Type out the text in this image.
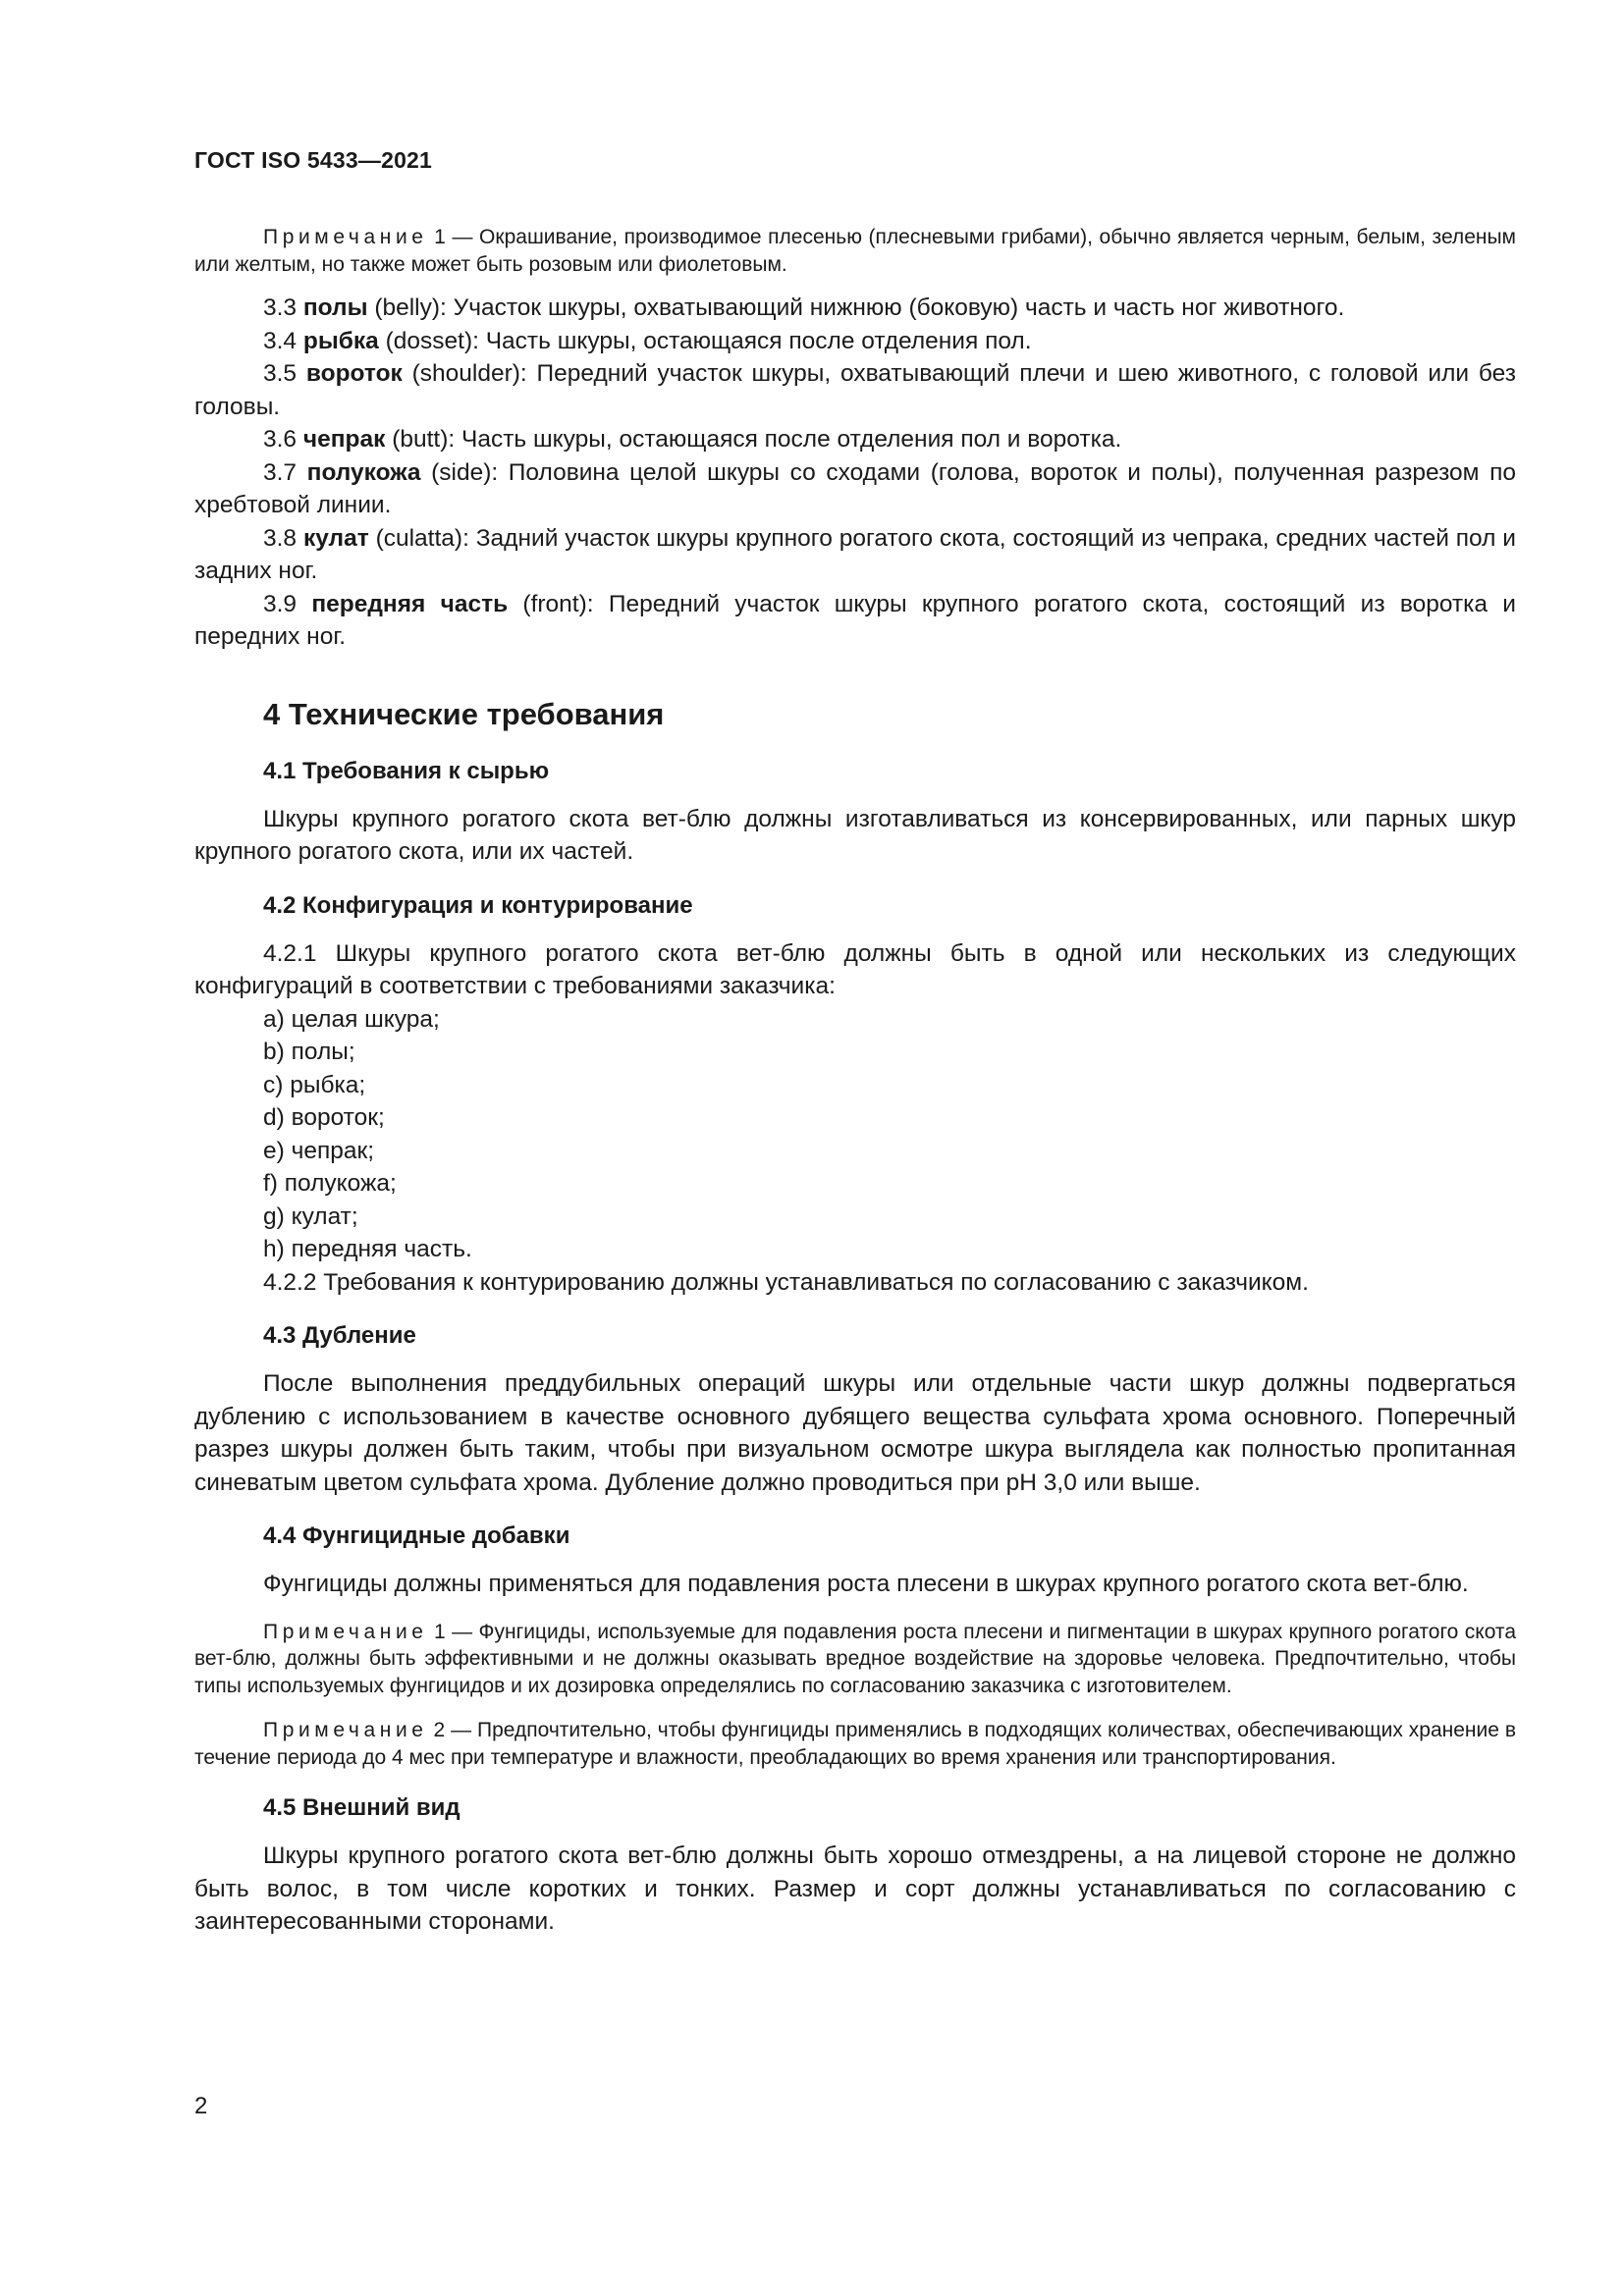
ГОСТ ISO 5433—2021

Примечание 1 — Окрашивание, производимое плесенью (плесневыми грибами), обычно является черным, белым, зеленым или желтым, но также может быть розовым или фиолетовым.

3.3 полы (belly): Участок шкуры, охватывающий нижнюю (боковую) часть и часть ног животного.

3.4 рыбка (dosset): Часть шкуры, остающаяся после отделения пол.

3.5 вороток (shoulder): Передний участок шкуры, охватывающий плечи и шею животного, с головой или без головы.

3.6 чепрак (butt): Часть шкуры, остающаяся после отделения пол и воротка.

3.7 полукожа (side): Половина целой шкуры со сходами (голова, вороток и полы), полученная разрезом по хребтовой линии.

3.8 кулат (culatta): Задний участок шкуры крупного рогатого скота, состоящий из чепрака, средних частей пол и задних ног.

3.9 передняя часть (front): Передний участок шкуры крупного рогатого скота, состоящий из воротка и передних ног.

4 Технические требования
4.1 Требования к сырью

Шкуры крупного рогатого скота вет-блю должны изготавливаться из консервированных, или парных шкур крупного рогатого скота, или их частей.

4.2 Конфигурация и контурирование

4.2.1 Шкуры крупного рогатого скота вет-блю должны быть в одной или нескольких из следующих конфигураций в соответствии с требованиями заказчика:

a) целая шкура;
b) полы;
c) рыбка;
d) вороток;
e) чепрак;
f) полукожа;
g) кулат;
h) передняя часть.

4.2.2 Требования к контурированию должны устанавливаться по согласованию с заказчиком.

4.3 Дубление

После выполнения преддубильных операций шкуры или отдельные части шкур должны подвергаться дублению с использованием в качестве основного дубящего вещества сульфата хрома основного. Поперечный разрез шкуры должен быть таким, чтобы при визуальном осмотре шкура выглядела как полностью пропитанная синеватым цветом сульфата хрома. Дубление должно проводиться при pH 3,0 или выше.

4.4 Фунгицидные добавки

Фунгициды должны применяться для подавления роста плесени в шкурах крупного рогатого скота вет-блю.

Примечание 1 — Фунгициды, используемые для подавления роста плесени и пигментации в шкурах крупного рогатого скота вет-блю, должны быть эффективными и не должны оказывать вредное воздействие на здоровье человека. Предпочтительно, чтобы типы используемых фунгицидов и их дозировка определялись по согласованию заказчика с изготовителем.

Примечание 2 — Предпочтительно, чтобы фунгициды применялись в подходящих количествах, обеспечивающих хранение в течение периода до 4 мес при температуре и влажности, преобладающих во время хранения или транспортирования.

4.5 Внешний вид

Шкуры крупного рогатого скота вет-блю должны быть хорошо отмездрены, а на лицевой стороне не должно быть волос, в том числе коротких и тонких. Размер и сорт должны устанавливаться по согласованию с заинтересованными сторонами.

2
